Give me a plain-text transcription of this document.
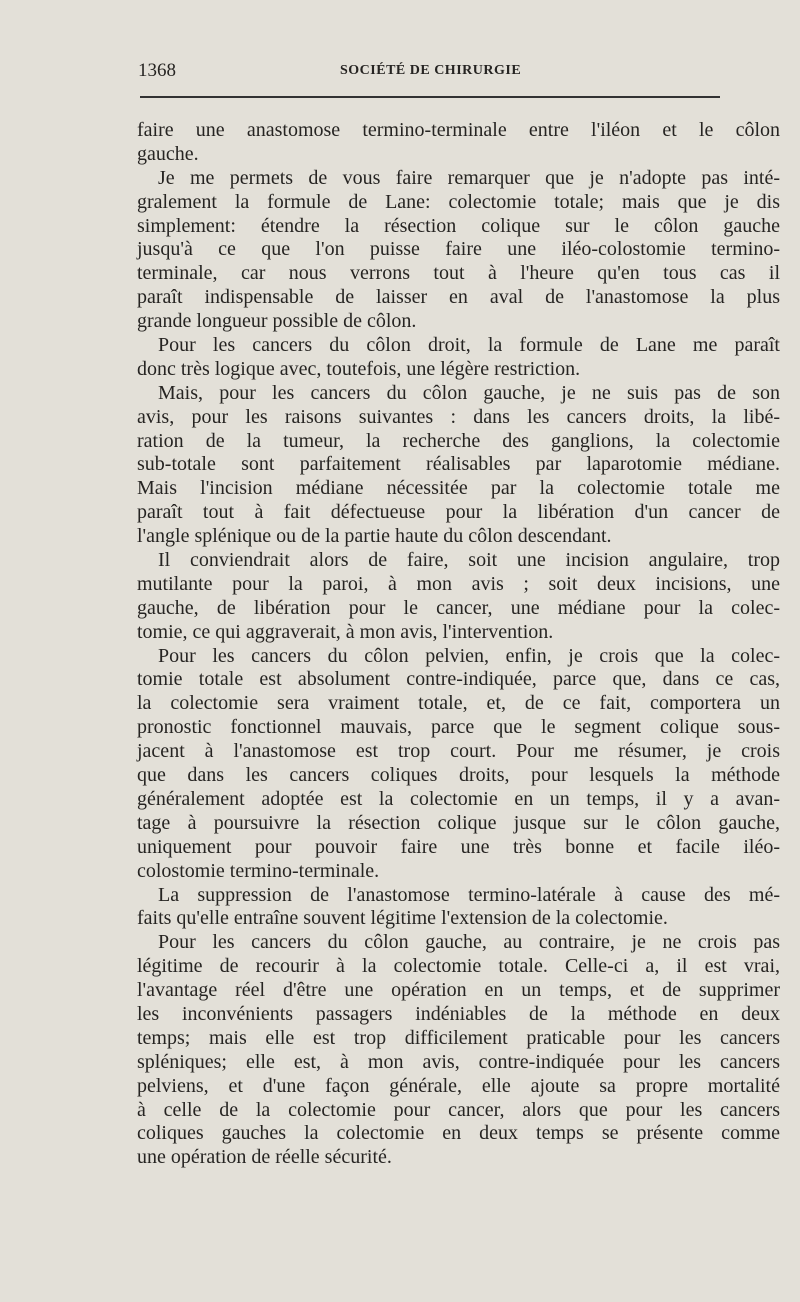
1368	SOCIÉTÉ DE CHIRURGIE
faire une anastomose termino-terminale entre l'iléon et le côlon
gauche.
Je me permets de vous faire remarquer que je n'adopte pas inté-
gralement la formule de Lane: colectomie totale; mais que je dis
simplement: étendre la résection colique sur le côlon gauche
jusqu'à ce que l'on puisse faire une iléo-colostomie termino-
terminale, car nous verrons tout à l'heure qu'en tous cas il
paraît indispensable de laisser en aval de l'anastomose la plus
grande longueur possible de côlon.
Pour les cancers du côlon droit, la formule de Lane me paraît
donc très logique avec, toutefois, une légère restriction.
Mais, pour les cancers du côlon gauche, je ne suis pas de son
avis, pour les raisons suivantes : dans les cancers droits, la libé-
ration de la tumeur, la recherche des ganglions, la colectomie
sub-totale sont parfaitement réalisables par laparotomie médiane.
Mais l'incision médiane nécessitée par la colectomie totale me
paraît tout à fait défectueuse pour la libération d'un cancer de
l'angle splénique ou de la partie haute du côlon descendant.
Il conviendrait alors de faire, soit une incision angulaire, trop
mutilante pour la paroi, à mon avis ; soit deux incisions, une
gauche, de libération pour le cancer, une médiane pour la colec-
tomie, ce qui aggraverait, à mon avis, l'intervention.
Pour les cancers du côlon pelvien, enfin, je crois que la colec-
tomie totale est absolument contre-indiquée, parce que, dans ce cas,
la colectomie sera vraiment totale, et, de ce fait, comportera un
pronostic fonctionnel mauvais, parce que le segment colique sous-
jacent à l'anastomose est trop court. Pour me résumer, je crois
que dans les cancers coliques droits, pour lesquels la méthode
généralement adoptée est la colectomie en un temps, il y a avan-
tage à poursuivre la résection colique jusque sur le côlon gauche,
uniquement pour pouvoir faire une très bonne et facile iléo-
colostomie termino-terminale.
La suppression de l'anastomose termino-latérale à cause des mé-
faits qu'elle entraîne souvent légitime l'extension de la colectomie.
Pour les cancers du côlon gauche, au contraire, je ne crois pas
légitime de recourir à la colectomie totale. Celle-ci a, il est vrai,
l'avantage réel d'être une opération en un temps, et de supprimer
les inconvénients passagers indéniables de la méthode en deux
temps; mais elle est trop difficilement praticable pour les cancers
spléniques; elle est, à mon avis, contre-indiquée pour les cancers
pelviens, et d'une façon générale, elle ajoute sa propre mortalité
à celle de la colectomie pour cancer, alors que pour les cancers
coliques gauches la colectomie en deux temps se présente comme
une opération de réelle sécurité.
